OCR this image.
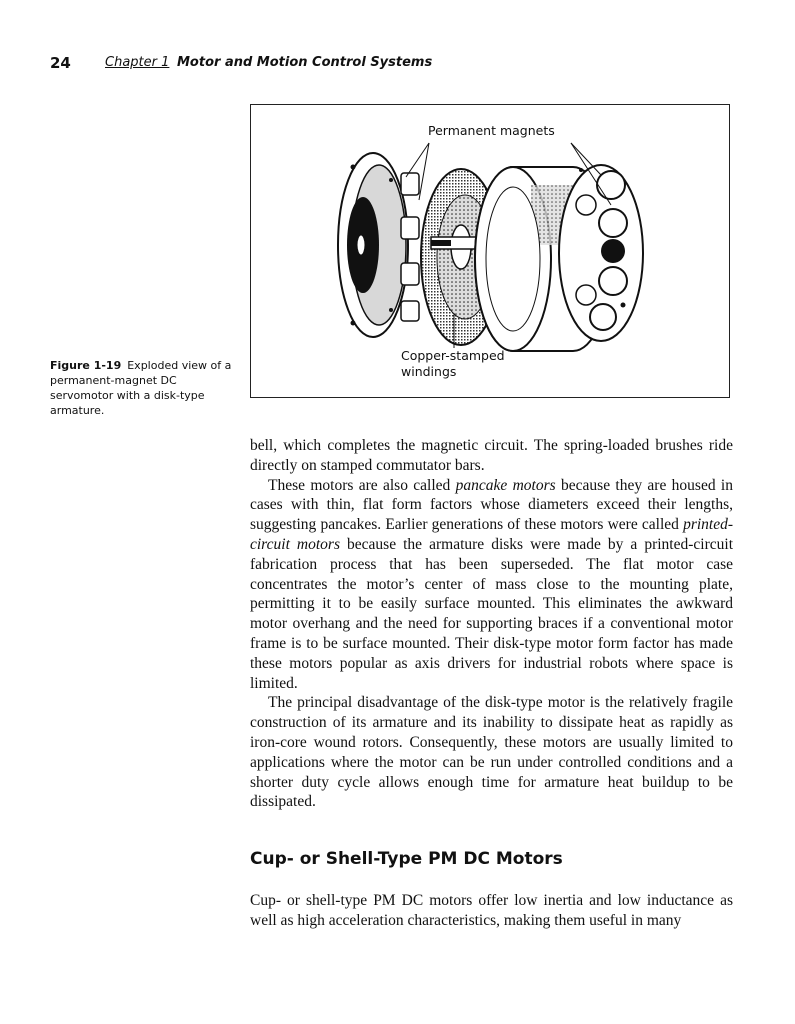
24	Chapter 1 Motor and Motion Control Systems
Permanent magnets
Copper-stamped windings
Figure 1-19 Exploded view of a permanent-magnet DC servomotor with a disk-type armature.

bell, which completes the magnetic circuit. The spring-loaded brushes ride directly on stamped commutator bars.

These motors are also called pancake motors because they are housed in cases with thin, flat form factors whose diameters exceed their lengths, suggesting pancakes. Earlier generations of these motors were called printed-circuit motors because the armature disks were made by a printed-circuit fabrication process that has been superseded. The flat motor case concentrates the motor’s center of mass close to the mounting plate, permitting it to be easily surface mounted. This eliminates the awkward motor overhang and the need for supporting braces if a conventional motor frame is to be surface mounted. Their disk-type motor form factor has made these motors popular as axis drivers for industrial robots where space is limited.

The principal disadvantage of the disk-type motor is the relatively fragile construction of its armature and its inability to dissipate heat as rapidly as iron-core wound rotors. Consequently, these motors are usually limited to applications where the motor can be run under controlled conditions and a shorter duty cycle allows enough time for armature heat buildup to be dissipated.

Cup- or Shell-Type PM DC Motors

Cup- or shell-type PM DC motors offer low inertia and low inductance as well as high acceleration characteristics, making them useful in many
